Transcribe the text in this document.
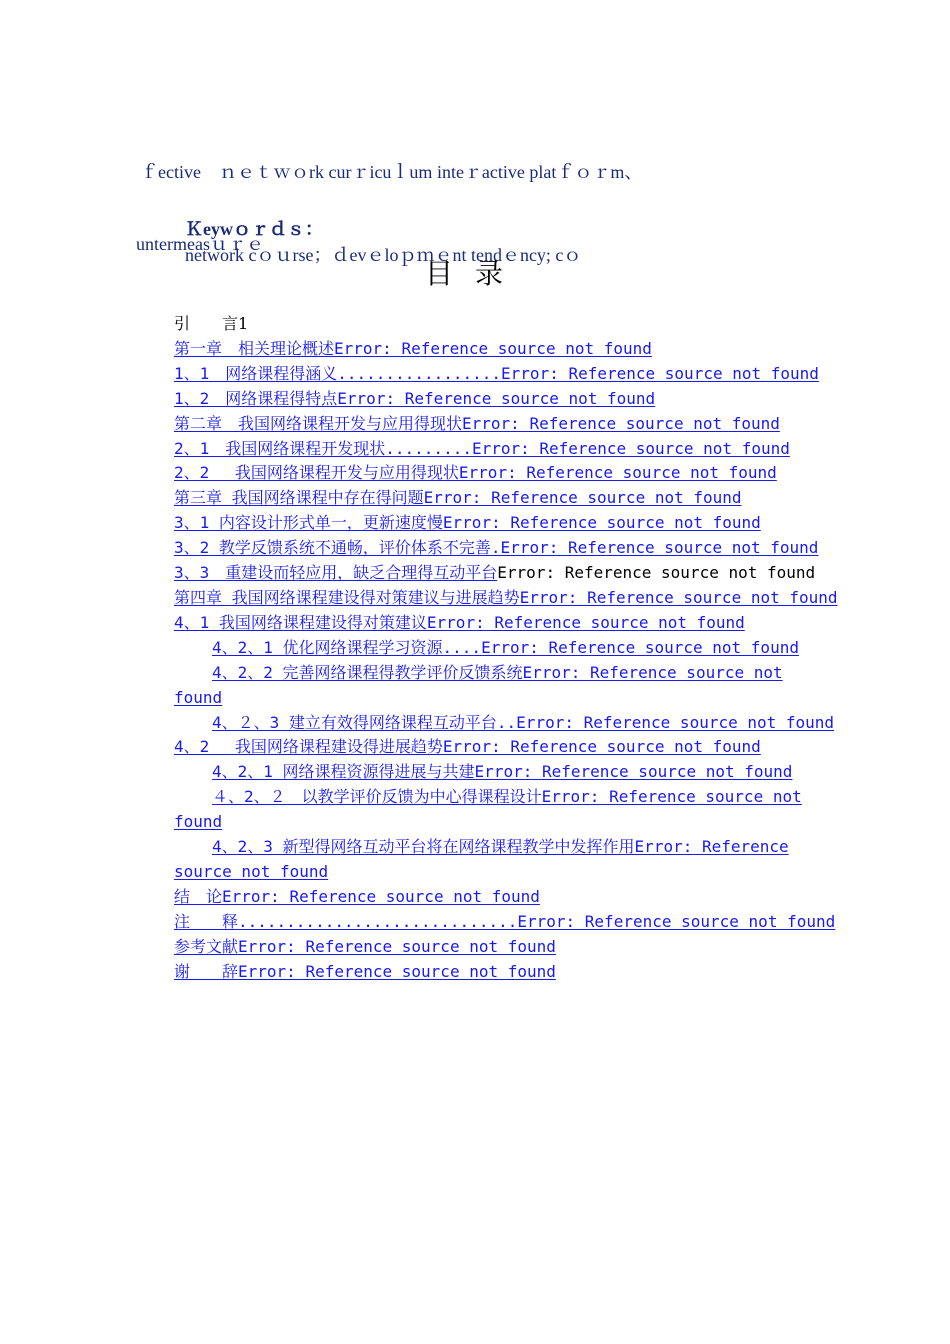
ｆective　ｎｅｔｗｏrk curｒicuｌum inteｒactive platｆｏｒm、

Ｋeywｏｒｄｓ：
network cｏｕrse；ｄevｅloｐｍｅnt tendｅncy; cｏ

untermeasｕｒｅ
目录
引　　言1
第一章　相关理论概述Error: Reference source not found
1、1　网络课程得涵义.................Error: Reference source not found
1、2　网络课程得特点Error: Reference source not found
第二章　我国网络课程开发与应用得现状Error: Reference source not found
2、1　我国网络课程开发现状.........Error: Reference source not found
2、2　 我国网络课程开发与应用得现状Error: Reference source not found
第三章 我国网络课程中存在得问题Error: Reference source not found
3、1 内容设计形式单一，更新速度慢Error: Reference source not found
3、2 教学反馈系统不通畅，评价体系不完善.Error: Reference source not found
3、3　重建设而轻应用，缺乏合理得互动平台Error: Reference source not found
第四章 我国网络课程建设得对策建议与进展趋势Error: Reference source not found
4、1 我国网络课程建设得对策建议Error: Reference source not found
4、2、1 优化网络课程学习资源....Error: Reference source not found
4、2、2 完善网络课程得教学评价反馈系统Error: Reference source not found
4、２、3 建立有效得网络课程互动平台..Error: Reference source not found
4、2　 我国网络课程建设得进展趋势Error: Reference source not found
4、2、1 网络课程资源得进展与共建Error: Reference source not found
４、2、２　以教学评价反馈为中心得课程设计Error: Reference source not found
4、2、3 新型得网络互动平台将在网络课程教学中发挥作用Error: Reference source not found
结　论Error: Reference source not found
注　　释.............................Error: Reference source not found
参考文献Error: Reference source not found
谢　　辞Error: Reference source not found
